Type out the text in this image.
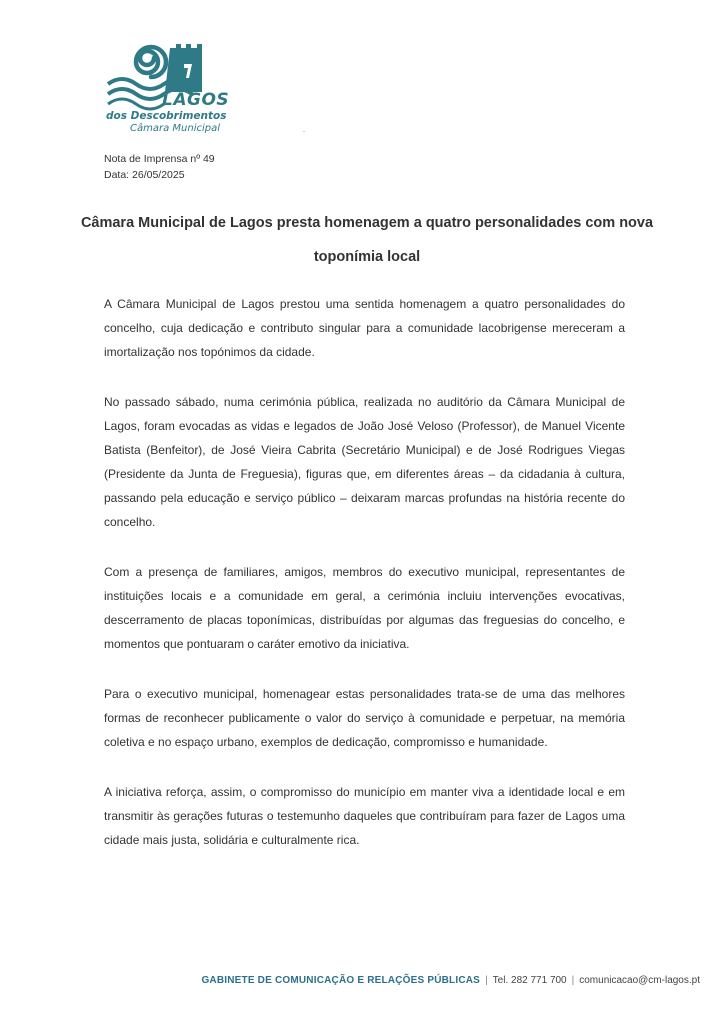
LAGOS
dos Descobrimentos
Câmara Municipal
Nota de Imprensa nº 49
Data: 26/05/2025
Câmara Municipal de Lagos presta homenagem a quatro personalidades com nova toponímia local

A Câmara Municipal de Lagos prestou uma sentida homenagem a quatro personalidades do concelho, cuja dedicação e contributo singular para a comunidade lacobrigense mereceram a imortalização nos topónimos da cidade.

No passado sábado, numa cerimónia pública, realizada no auditório da Câmara Municipal de Lagos, foram evocadas as vidas e legados de João José Veloso (Professor), de Manuel Vicente Batista (Benfeitor), de José Vieira Cabrita (Secretário Municipal) e de José Rodrigues Viegas (Presidente da Junta de Freguesia), figuras que, em diferentes áreas – da cidadania à cultura, passando pela educação e serviço público – deixaram marcas profundas na história recente do concelho.

Com a presença de familiares, amigos, membros do executivo municipal, representantes de instituições locais e a comunidade em geral, a cerimónia incluiu intervenções evocativas, descerramento de placas toponímicas, distribuídas por algumas das freguesias do concelho, e momentos que pontuaram o caráter emotivo da iniciativa.

Para o executivo municipal, homenagear estas personalidades trata-se de uma das melhores formas de reconhecer publicamente o valor do serviço à comunidade e perpetuar, na memória coletiva e no espaço urbano, exemplos de dedicação, compromisso e humanidade.

A iniciativa reforça, assim, o compromisso do município em manter viva a identidade local e em transmitir às gerações futuras o testemunho daqueles que contribuíram para fazer de Lagos uma cidade mais justa, solidária e culturalmente rica.

GABINETE DE COMUNICAÇÃO E RELAÇÕES PÚBLICAS | Tel. 282 771 700 | comunicacao@cm-lagos.pt
